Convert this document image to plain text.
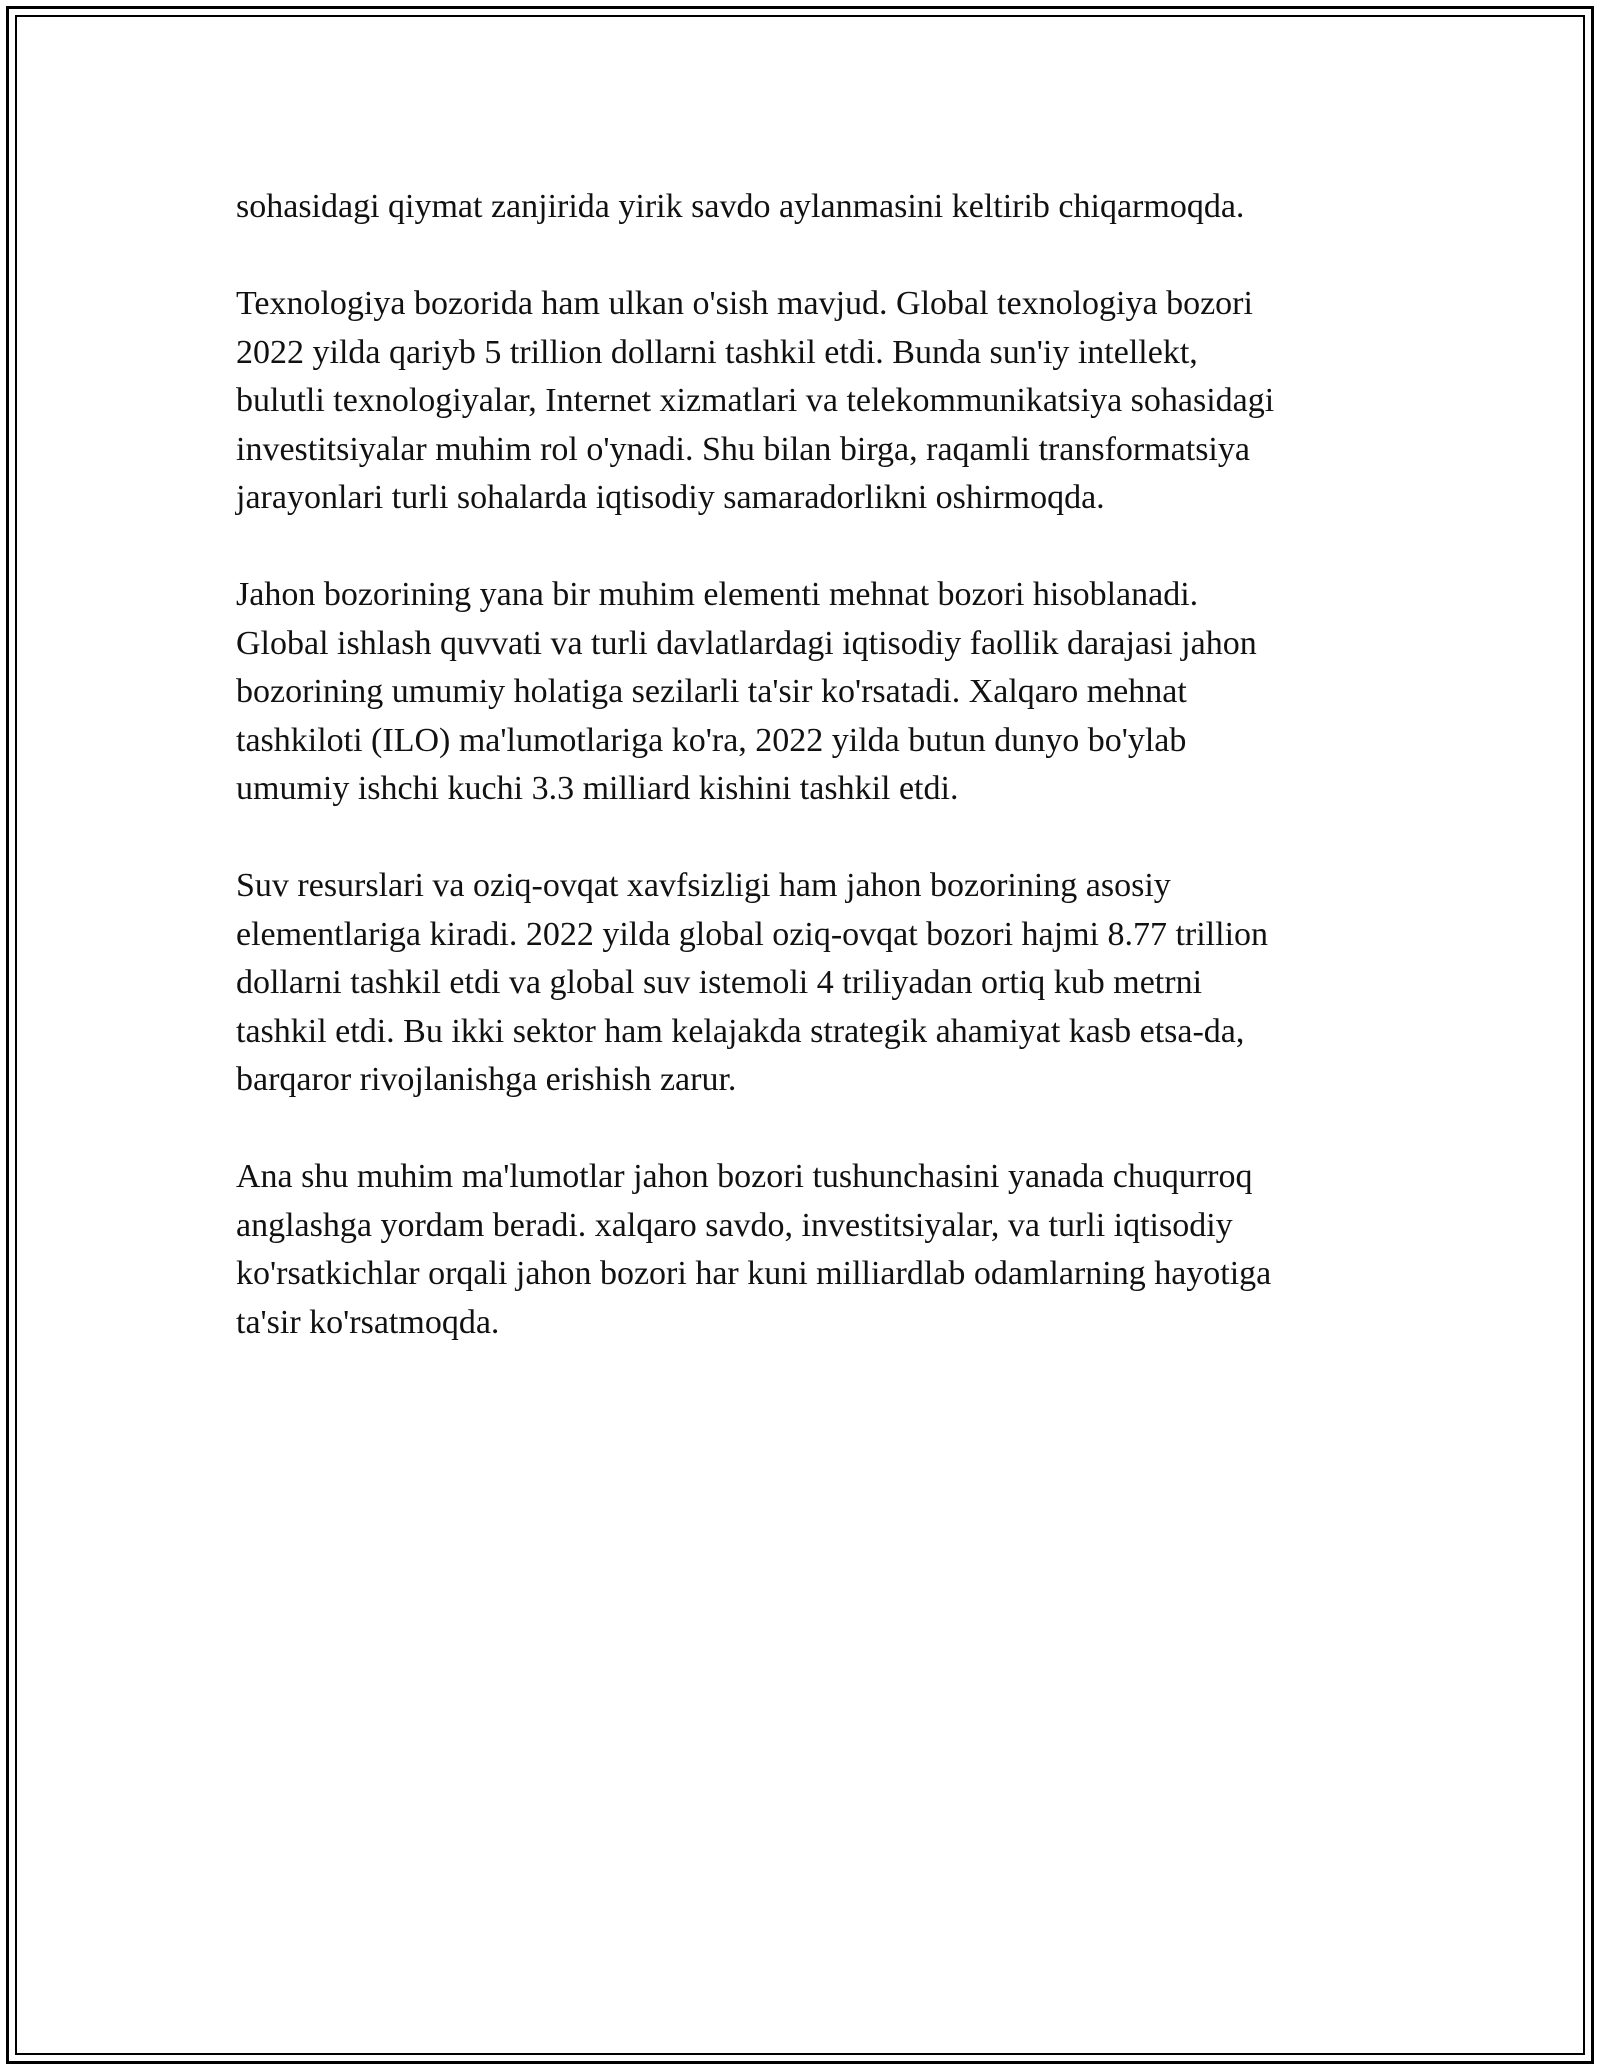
sohasidagi qiymat zanjirida yirik savdo aylanmasini keltirib chiqarmoqda.

Texnologiya bozorida ham ulkan o'sish mavjud. Global texnologiya bozori
2022 yilda qariyb 5 trillion dollarni tashkil etdi. Bunda sun'iy intellekt,
bulutli texnologiyalar, Internet xizmatlari va telekommunikatsiya sohasidagi
investitsiyalar muhim rol o'ynadi. Shu bilan birga, raqamli transformatsiya
jarayonlari turli sohalarda iqtisodiy samaradorlikni oshirmoqda.

Jahon bozorining yana bir muhim elementi mehnat bozori hisoblanadi.
Global ishlash quvvati va turli davlatlardagi iqtisodiy faollik darajasi jahon
bozorining umumiy holatiga sezilarli ta'sir ko'rsatadi. Xalqaro mehnat
tashkiloti (ILO) ma'lumotlariga ko'ra, 2022 yilda butun dunyo bo'ylab
umumiy ishchi kuchi 3.3 milliard kishini tashkil etdi.

Suv resurslari va oziq-ovqat xavfsizligi ham jahon bozorining asosiy
elementlariga kiradi. 2022 yilda global oziq-ovqat bozori hajmi 8.77 trillion
dollarni tashkil etdi va global suv istemoli 4 triliyadan ortiq kub metrni
tashkil etdi. Bu ikki sektor ham kelajakda strategik ahamiyat kasb etsa-da,
barqaror rivojlanishga erishish zarur.

Ana shu muhim ma'lumotlar jahon bozori tushunchasini yanada chuqurroq
anglashga yordam beradi. xalqaro savdo, investitsiyalar, va turli iqtisodiy
ko'rsatkichlar orqali jahon bozori har kuni milliardlab odamlarning hayotiga
ta'sir ko'rsatmoqda.
